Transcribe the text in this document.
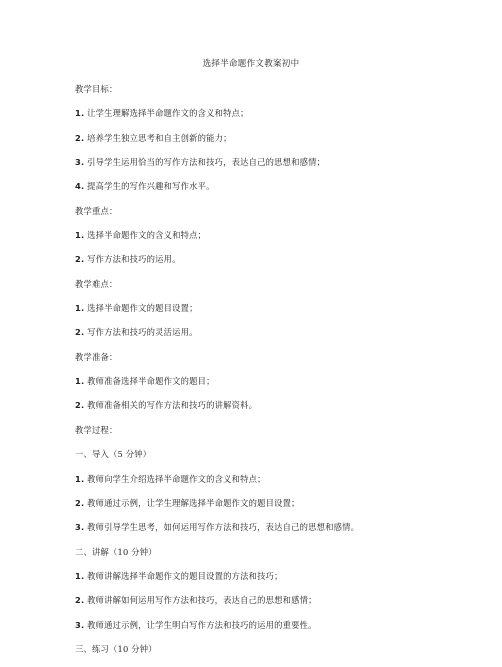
选择半命题作文教案初中
教学目标：
1. 让学生理解选择半命题作文的含义和特点；
2. 培养学生独立思考和自主创新的能力；
3. 引导学生运用恰当的写作方法和技巧，表达自己的思想和感情；
4. 提高学生的写作兴趣和写作水平。
教学重点：
1. 选择半命题作文的含义和特点；
2. 写作方法和技巧的运用。
教学难点：
1. 选择半命题作文的题目设置；
2. 写作方法和技巧的灵活运用。
教学准备：
1. 教师准备选择半命题作文的题目；
2. 教师准备相关的写作方法和技巧的讲解资料。
教学过程：
一、导入（5 分钟）
1. 教师向学生介绍选择半命题作文的含义和特点；
2. 教师通过示例，让学生理解选择半命题作文的题目设置；
3. 教师引导学生思考，如何运用写作方法和技巧，表达自己的思想和感情。
二、讲解（10 分钟）
1. 教师讲解选择半命题作文的题目设置的方法和技巧；
2. 教师讲解如何运用写作方法和技巧，表达自己的思想和感情；
3. 教师通过示例，让学生明白写作方法和技巧的运用的重要性。
三、练习（10 分钟）
